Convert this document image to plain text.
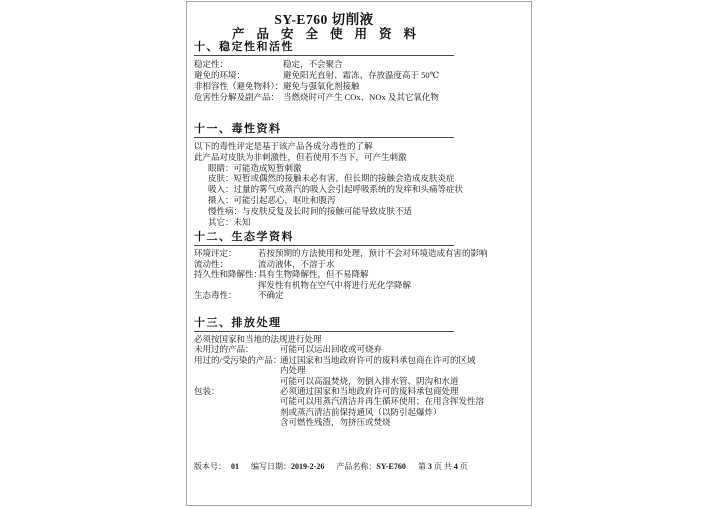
SY-E760 切削液
产品安全使用资料
十、稳定性和活性
稳定性：	稳定，不会聚合
避免的环境：	避免阳光直射、霜冻、存放温度高于 50℃
非相容性（避免物料）： 避免与强氧化剂接触
危害性分解及副产品： 当燃烧时可产生 COx、NOx 及其它氧化物
十一、毒性资料
以下的毒性评定是基于该产品各成分毒性的了解
此产品对皮肤为非刺激性，但若使用不当下，可产生刺激
眼睛：可能造成短暂刺激
皮肤：短暂或偶然的接触未必有害，但长期的接触会造成皮肤炎症
吸入：过量的雾气或蒸汽的吸入会引起呼吸系统的发痒和头痛等症状
摄入：可能引起恶心，呕吐和腹泻
慢性病：与皮肤反复及长时间的接触可能导致皮肤不适
其它：未知
十二、生态学资料
环境评定：	若按预期的方法使用和处理，预计不会对环境造成有害的影响
流动性：	流动液体，不溶于水
持久性和降解性：
具有生物降解性，但不易降解
挥发性有机物在空气中将进行光化学降解
生态毒性：	不确定
十三、排放处理
必须按国家和当地的法规进行处理
未用过的产品：	可能可以运出回收或可烧弃
用过的/受污染的产品：
通过国家和当地政府许可的废料承包商在许可的区域
内处理
可能可以高温焚烧，勿倒入排水管、阴沟和水道
包装：	必须通过国家和当地政府许可的废料承包商处理
可能可以用蒸汽清洁并再生循环使用；在用含挥发性溶
剂或蒸汽清洁前保持通风（以防引起爆炸）
含可燃性残渣，勿挤压或焚烧
版本号： 01 编写日期：2019-2-26 产品名称：SY-E760 第 3 页 共 4 页
